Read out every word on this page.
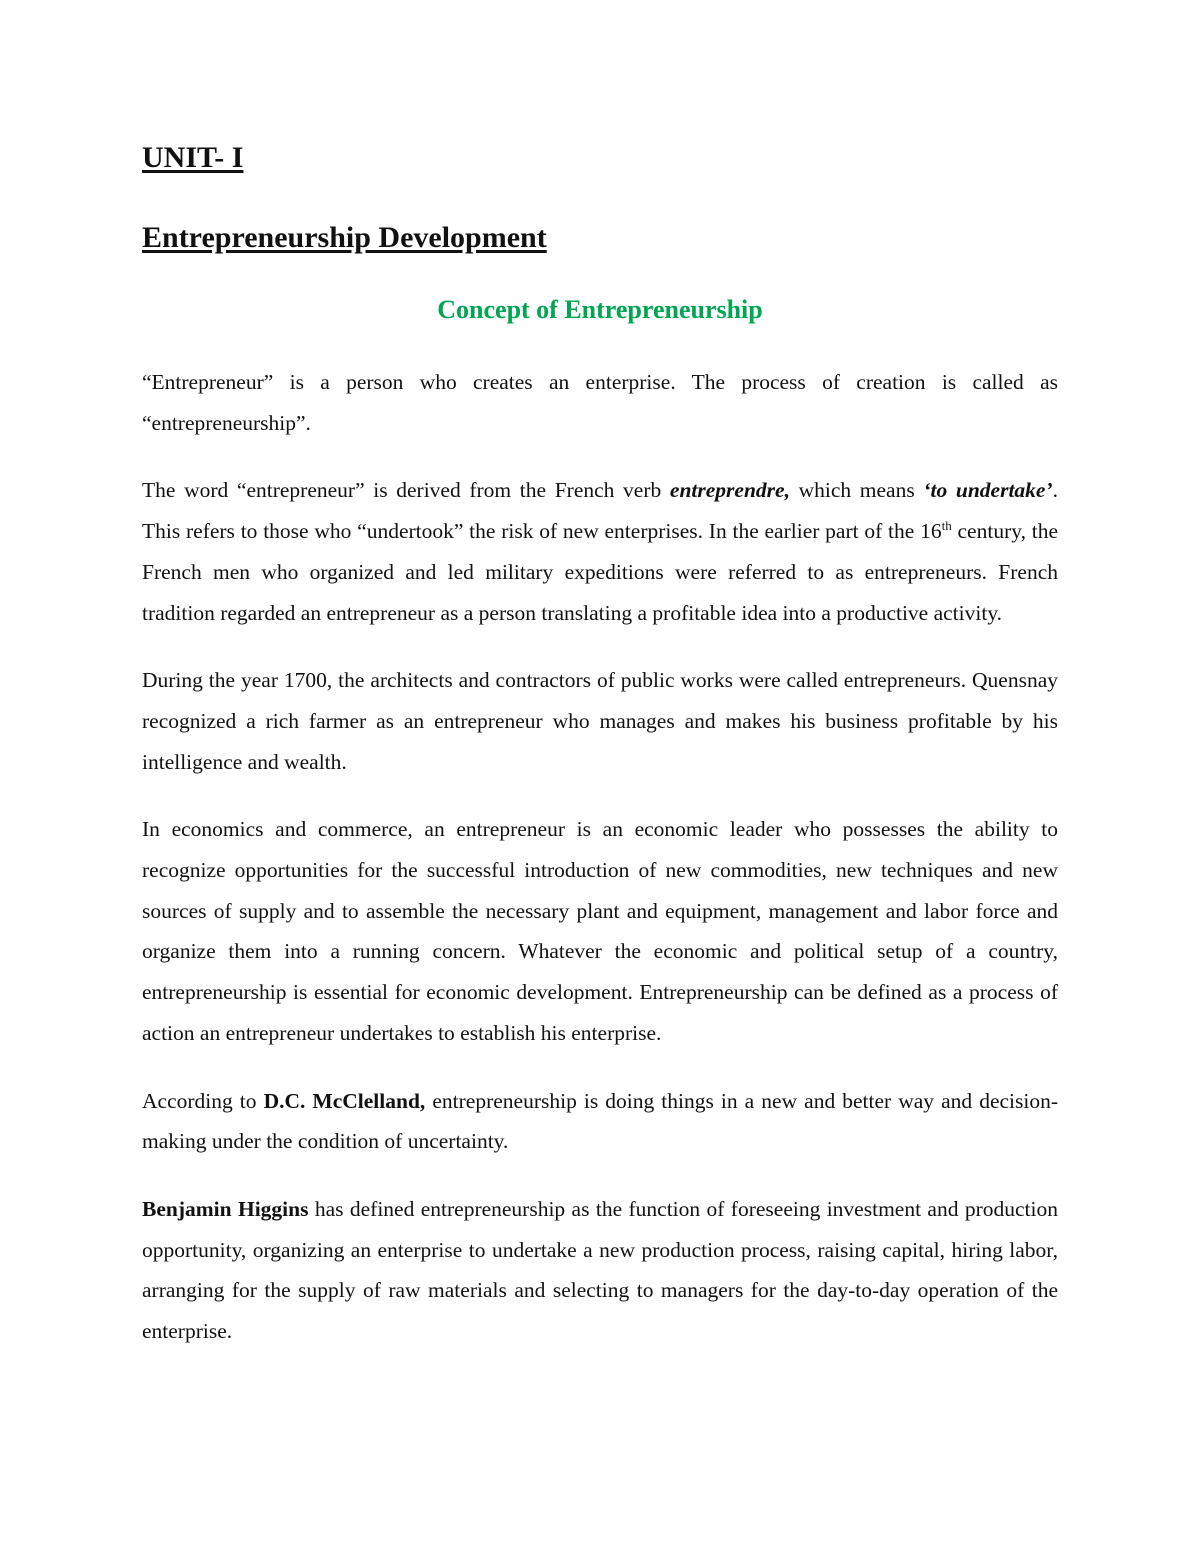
UNIT- I
Entrepreneurship Development
Concept of Entrepreneurship

“Entrepreneur” is a person who creates an enterprise. The process of creation is called as “entrepreneurship”.

The word “entrepreneur” is derived from the French verb entreprendre, which means ‘to undertake’. This refers to those who “undertook” the risk of new enterprises. In the earlier part of the 16th century, the French men who organized and led military expeditions were referred to as entrepreneurs. French tradition regarded an entrepreneur as a person translating a profitable idea into a productive activity.

During the year 1700, the architects and contractors of public works were called entrepreneurs. Quensnay recognized a rich farmer as an entrepreneur who manages and makes his business profitable by his intelligence and wealth.

In economics and commerce, an entrepreneur is an economic leader who possesses the ability to recognize opportunities for the successful introduction of new commodities, new techniques and new sources of supply and to assemble the necessary plant and equipment, management and labor force and organize them into a running concern. Whatever the economic and political setup of a country, entrepreneurship is essential for economic development. Entrepreneurship can be defined as a process of action an entrepreneur undertakes to establish his enterprise.

According to D.C. McClelland, entrepreneurship is doing things in a new and better way and decision-making under the condition of uncertainty.

Benjamin Higgins has defined entrepreneurship as the function of foreseeing investment and production opportunity, organizing an enterprise to undertake a new production process, raising capital, hiring labor, arranging for the supply of raw materials and selecting to managers for the day-to-day operation of the enterprise.
